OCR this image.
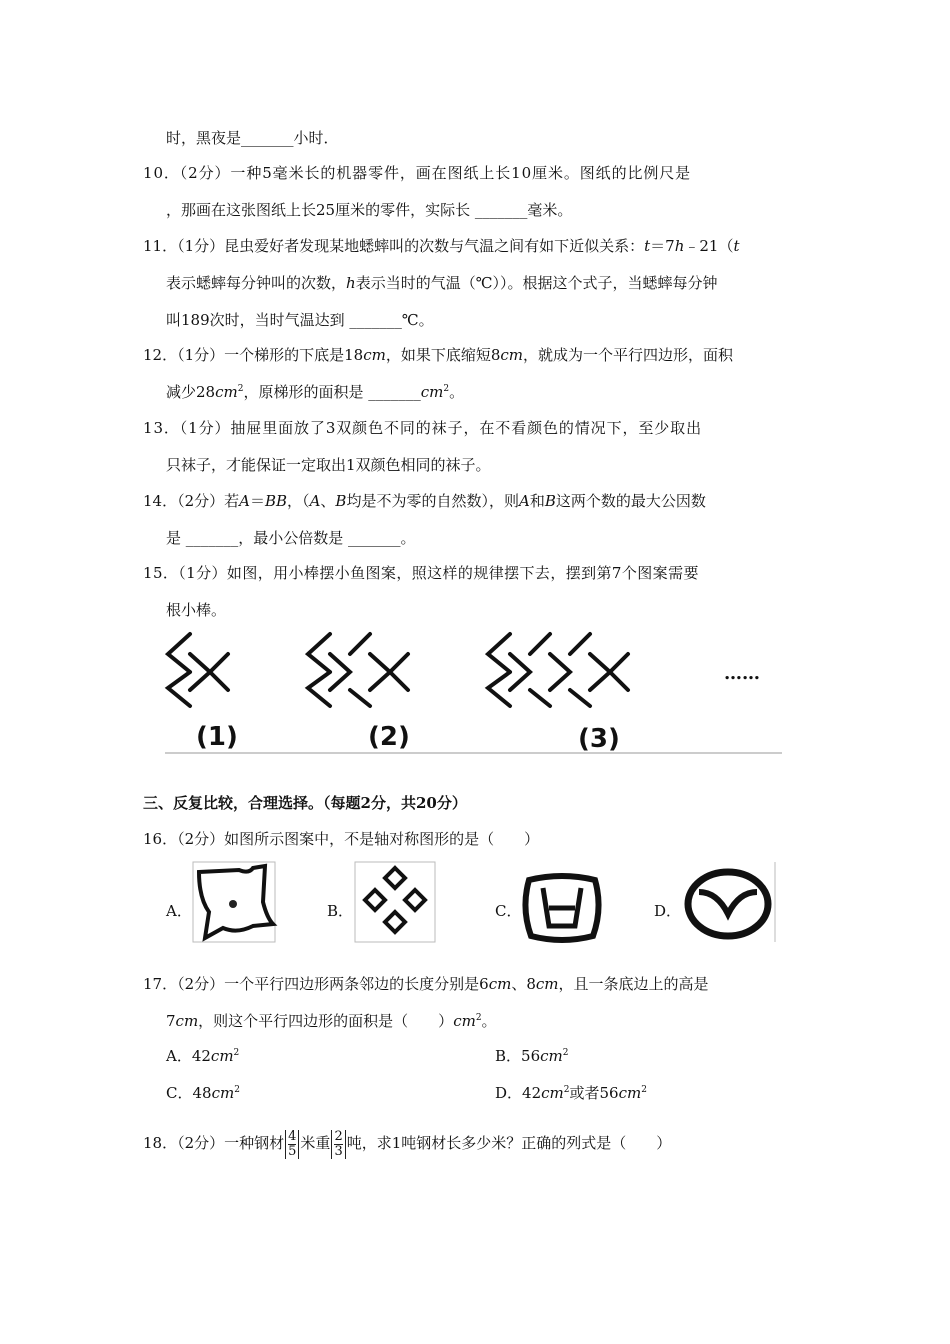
时，黑夜是_______小时．
10．（2分）一种5毫米长的机器零件，画在图纸上长10厘米。图纸的比例尺是
，那画在这张图纸上长25厘米的零件，实际长 _______毫米。
11．（1分）昆虫爱好者发现某地蟋蟀叫的次数与气温之间有如下近似关系：t＝7h﹣21（t
表示蟋蟀每分钟叫的次数，h表示当时的气温（℃））。根据这个式子，当蟋蟀每分钟
叫189次时，当时气温达到 _______℃。
12．（1分）一个梯形的下底是18cm，如果下底缩短8cm，就成为一个平行四边形，面积
减少$28cm^2$，原梯形的面积是 $\_\_\_\_\_\_\_cm^2$。
13．（1分）抽屉里面放了3双颜色不同的袜子，在不看颜色的情况下，至少取出
只袜子，才能保证一定取出1双颜色相同的袜子。
14．（2分）若A＝BB，（A、B均是不为零的自然数），则A和B这两个数的最大公因数
是 _______，最小公倍数是 _______。
15．（1分）如图，用小棒摆小鱼图案，照这样的规律摆下去，摆到第7个图案需要
根小棒。
(1)	(2)	(3)
……
三、反复比较，合理选择。（每题2分，共20分）
16．（2分）如图所示图案中，不是轴对称图形的是（　　）
A．	B．	C．	D．
17．（2分）一个平行四边形两条邻边的长度分别是6cm、8cm，且一条底边上的高是
7cm，则这个平行四边形的面积是（　　）$cm^2$。
A．$42cm^2$	B．$56cm^2$
C．$48cm^2$	D．$42cm^2$或者$56cm^2$
18．（2分）一种钢材 $\frac{4}{5}$ 米重 $\frac{2}{3}$ 吨，求1吨钢材长多少米？正确的列式是（　　）
